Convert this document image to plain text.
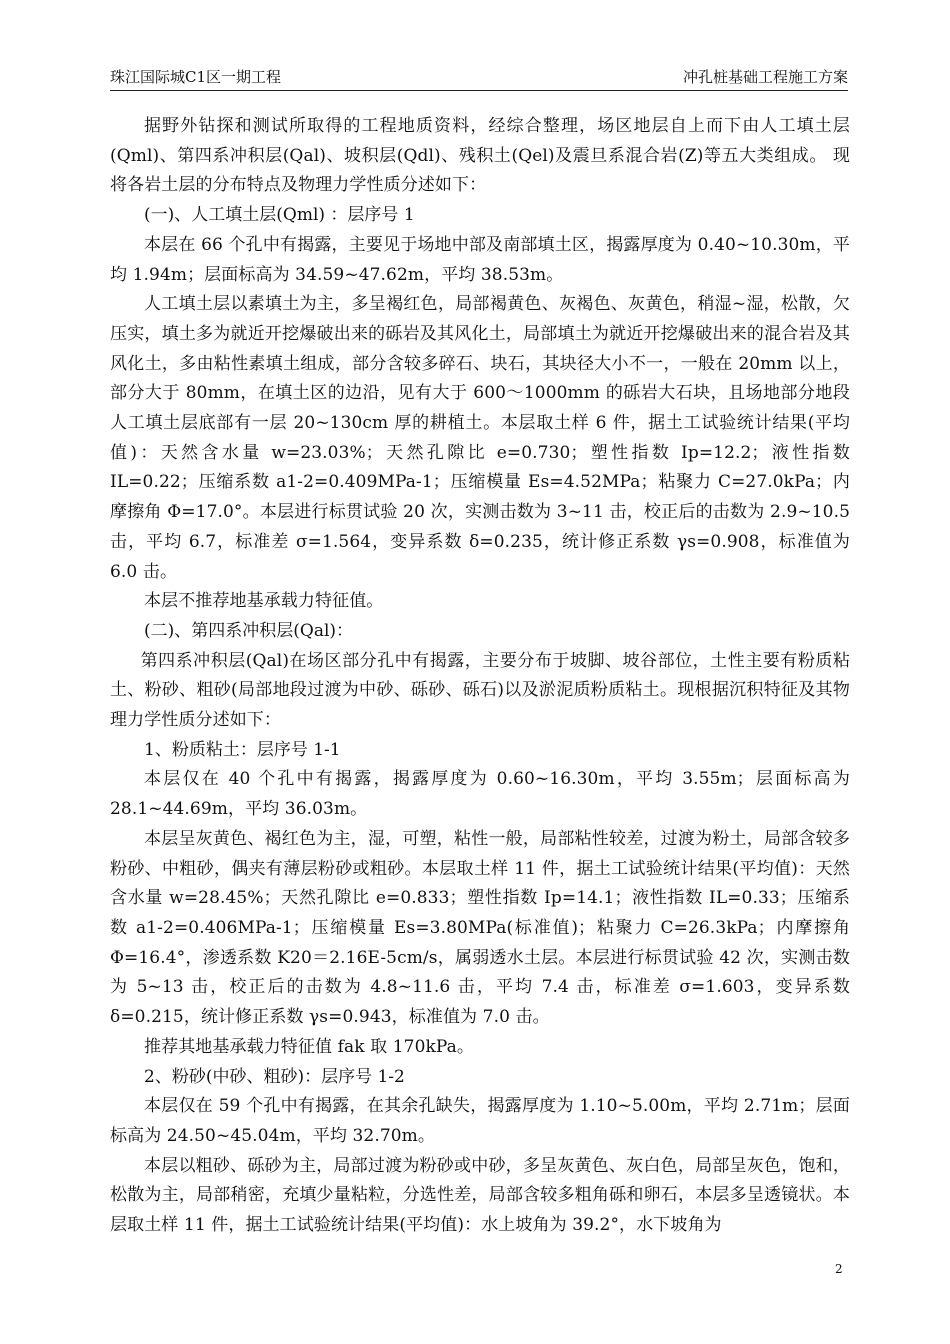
珠江国际城C1区一期工程	冲孔桩基础工程施工方案

据野外钻探和测试所取得的工程地质资料，经综合整理，场区地层自上而下由人工填土层(Qml)、第四系冲积层(Qal)、坡积层(Qdl)、残积土(Qel)及震旦系混合岩(Z)等五大类组成。 现将各岩土层的分布特点及物理力学性质分述如下：

(一)、人工填土层(Qml) ：层序号 1

本层在 66 个孔中有揭露，主要见于场地中部及南部填土区，揭露厚度为 0.40~10.30m，平均 1.94m；层面标高为 34.59~47.62m，平均 38.53m。

人工填土层以素填土为主，多呈褐红色，局部褐黄色、灰褐色、灰黄色，稍湿~湿，松散，欠压实，填土多为就近开挖爆破出来的砾岩及其风化土，局部填土为就近开挖爆破出来的混合岩及其风化土，多由粘性素填土组成，部分含较多碎石、块石，其块径大小不一，一般在 20mm 以上，部分大于 80mm，在填土区的边沿，见有大于 600～1000mm 的砾岩大石块，且场地部分地段人工填土层底部有一层 20~130cm 厚的耕植土。本层取土样 6 件，据土工试验统计结果(平均值)：天然含水量 w=23.03%；天然孔隙比 e=0.730；塑性指数 Ip=12.2；液性指数 IL=0.22；压缩系数 a1-2=0.409MPa-1；压缩模量 Es=4.52MPa；粘聚力 C=27.0kPa；内摩擦角 Φ=17.0°。本层进行标贯试验 20 次，实测击数为 3~11 击，校正后的击数为 2.9~10.5 击，平均 6.7，标准差 σ=1.564，变异系数 δ=0.235，统计修正系数 γs=0.908，标准值为 6.0 击。

本层不推荐地基承载力特征值。

(二)、第四系冲积层(Qal)：

第四系冲积层(Qal)在场区部分孔中有揭露，主要分布于坡脚、坡谷部位，土性主要有粉质粘土、粉砂、粗砂(局部地段过渡为中砂、砾砂、砾石)以及淤泥质粉质粘土。现根据沉积特征及其物理力学性质分述如下：

1、粉质粘土：层序号 1-1

本层仅在 40 个孔中有揭露，揭露厚度为 0.60~16.30m，平均 3.55m；层面标高为 28.1~44.69m，平均 36.03m。

本层呈灰黄色、褐红色为主，湿，可塑，粘性一般，局部粘性较差，过渡为粉土，局部含较多粉砂、中粗砂，偶夹有薄层粉砂或粗砂。本层取土样 11 件，据土工试验统计结果(平均值)：天然含水量 w=28.45%；天然孔隙比 e=0.833；塑性指数 Ip=14.1；液性指数 IL=0.33；压缩系数 a1-2=0.406MPa-1；压缩模量 Es=3.80MPa(标准值)；粘聚力 C=26.3kPa；内摩擦角 Φ=16.4°，渗透系数 K20＝2.16E-5cm/s，属弱透水土层。本层进行标贯试验 42 次，实测击数为 5~13 击，校正后的击数为 4.8~11.6 击，平均 7.4 击，标准差 σ=1.603，变异系数 δ=0.215，统计修正系数 γs=0.943，标准值为 7.0 击。

推荐其地基承载力特征值 fak 取 170kPa。

2、粉砂(中砂、粗砂)：层序号 1-2

本层仅在 59 个孔中有揭露，在其余孔缺失，揭露厚度为 1.10~5.00m，平均 2.71m；层面标高为 24.50~45.04m，平均 32.70m。

本层以粗砂、砾砂为主，局部过渡为粉砂或中砂，多呈灰黄色、灰白色，局部呈灰色，饱和，松散为主，局部稍密，充填少量粘粒，分选性差，局部含较多粗角砾和卵石，本层多呈透镜状。本层取土样 11 件，据土工试验统计结果(平均值)：水上坡角为 39.2°，水下坡角为

2
